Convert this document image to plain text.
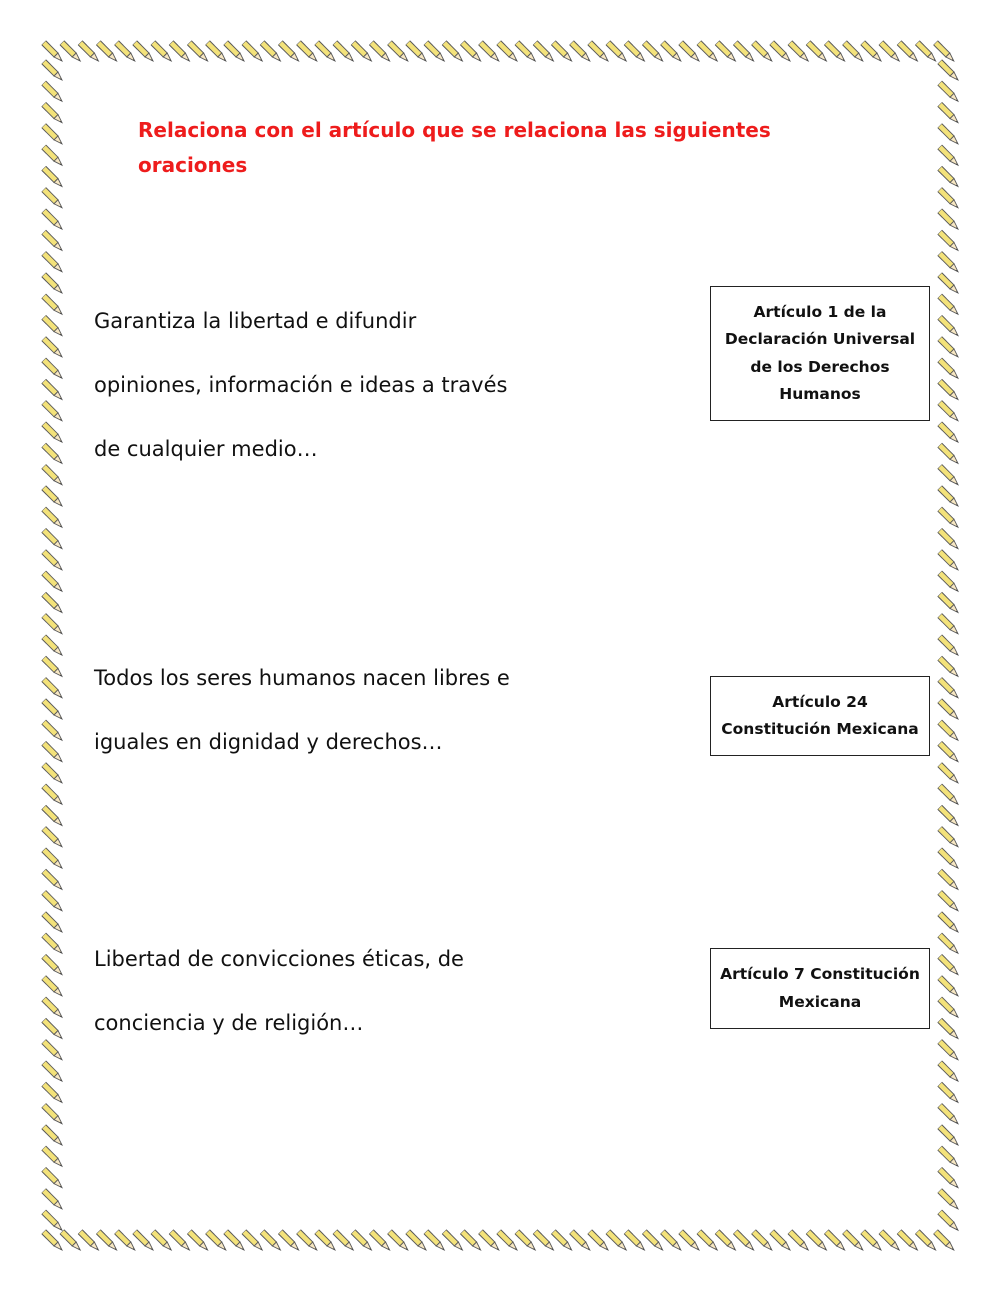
Relaciona con el artículo que se relaciona las siguientes oraciones

Garantiza la libertad e difundir opiniones, información e ideas a través de cualquier medio…

Todos los seres humanos nacen libres e iguales en dignidad y derechos…

Libertad de convicciones éticas, de conciencia y de religión…

Artículo 1 de la Declaración Universal de los Derechos Humanos
Artículo 24 Constitución Mexicana
Artículo 7 Constitución Mexicana
